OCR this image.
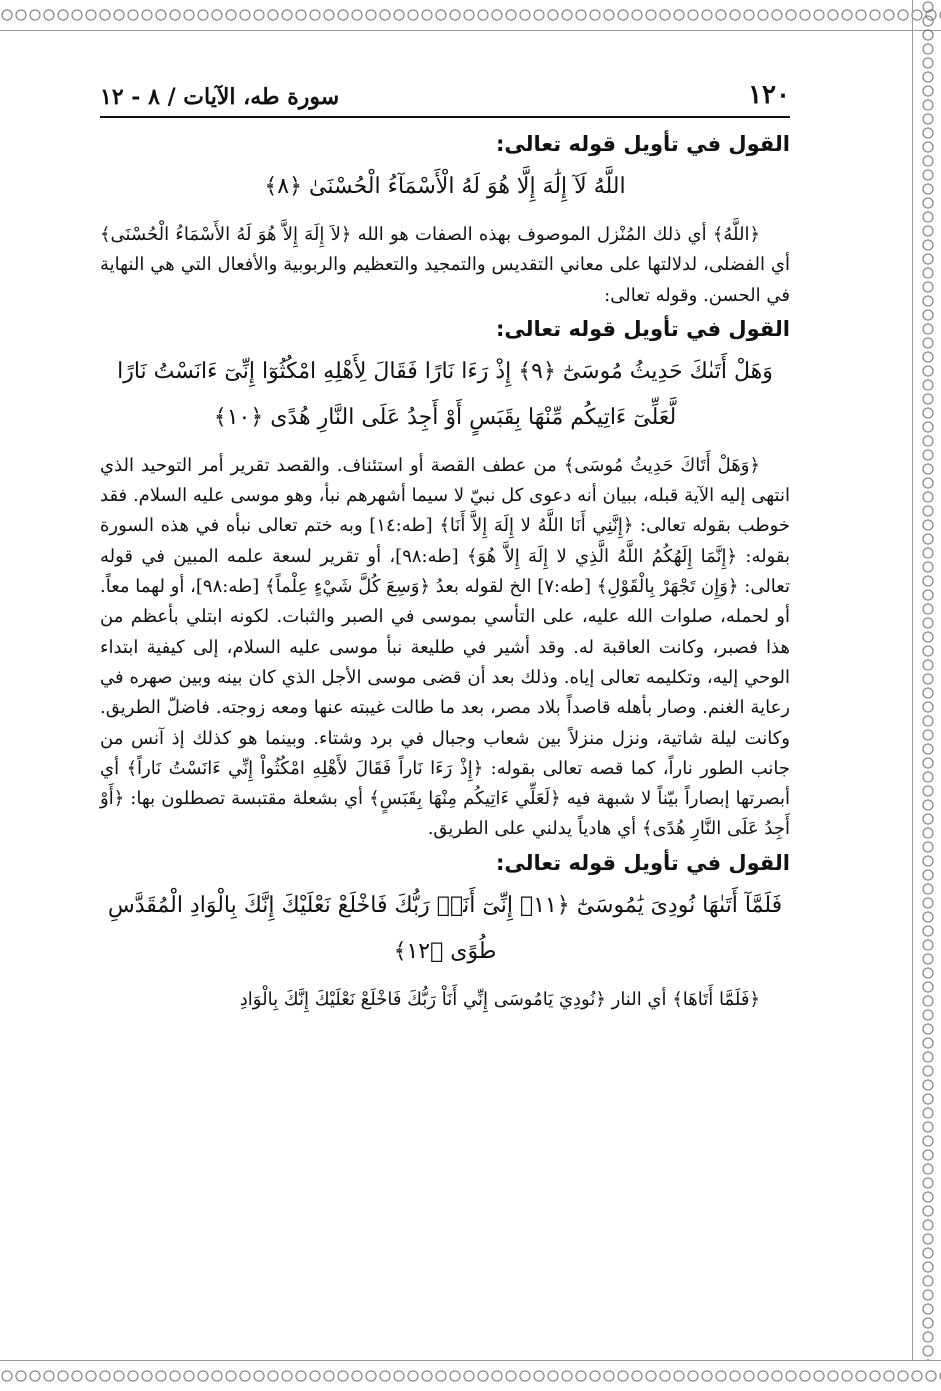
١٢٠
سورة طه، الآيات / ٨ - ١٢
القول في تأويل قوله تعالى:
اللَّهُ لَآ إِلَٰهَ إِلَّا هُوَ لَهُ الْأَسْمَآءُ الْحُسْنَىٰ ﴿٨﴾

﴿اللَّهُ﴾ أي ذلك المُنْزل الموصوف بهذه الصفات هو الله ﴿لاَ إِلَهَ إِلاَّ هُوَ لَهُ الأَسْمَاءُ الْحُسْنَى﴾ أي الفضلى، لدلالتها على معاني التقديس والتمجيد والتعظيم والربوبية والأفعال التي هي النهاية في الحسن. وقوله تعالى:

القول في تأويل قوله تعالى:
وَهَلْ أَتَىٰكَ حَدِيثُ مُوسَىٰٓ ﴿٩﴾ إِذْ رَءَا نَارًا فَقَالَ لِأَهْلِهِ امْكُثُوٓا إِنِّىٓ ءَانَسْتُ نَارًا لَّعَلِّىٓ ءَاتِيكُم مِّنْهَا بِقَبَسٍ أَوْ أَجِدُ عَلَى النَّارِ هُدًى ﴿١٠﴾

﴿وَهَلْ أَتَاكَ حَدِيثُ مُوسَى﴾ من عطف القصة أو استئناف. والقصد تقرير أمر التوحيد الذي انتهى إليه الآية قبله، ببيان أنه دعوى كل نبيّ لا سيما أشهرهم نبأ، وهو موسى عليه السلام. فقد خوطب بقوله تعالى: ﴿إِنَّنِي أَنَا اللَّهُ لا إِلَهَ إِلاَّ أَنَا﴾ [طه:١٤] وبه ختم تعالى نبأه في هذه السورة بقوله: ﴿إِنَّمَا إِلَهُكُمُ اللَّهُ الَّذِي لا إِلَهَ إِلاَّ هُوَ﴾ [طه:٩٨]، أو تقرير لسعة علمه المبين في قوله تعالى: ﴿وَإِن تَجْهَرْ بِالْقَوْلِ﴾ [طه:٧] الخ لقوله بعدُ ﴿وَسِعَ كُلَّ شَيْءٍ عِلْماً﴾ [طه:٩٨]، أو لهما معاً. أو لحمله، صلوات الله عليه، على التأسي بموسى في الصبر والثبات. لكونه ابتلي بأعظم من هذا فصبر، وكانت العاقبة له. وقد أشير في طليعة نبأ موسى عليه السلام، إلى كيفية ابتداء الوحي إليه، وتكليمه تعالى إياه. وذلك بعد أن قضى موسى الأجل الذي كان بينه وبين صهره في رعاية الغنم. وصار بأهله قاصداً بلاد مصر، بعد ما طالت غيبته عنها ومعه زوجته. فاضلّ الطريق. وكانت ليلة شاتية، ونزل منزلاً بين شعاب وجبال في برد وشتاء. وبينما هو كذلك إذ آنس من جانب الطور ناراً، كما قصه تعالى بقوله: ﴿إِذْ رَءَا نَاراً فَقَالَ لأَهْلِهِ امْكُثُواْ إِنِّي ءَانَسْتُ نَاراً﴾ أي أبصرتها إبصاراً بيّناً لا شبهة فيه ﴿لَعَلِّي ءَاتِيكُم مِنْهَا بِقَبَسٍ﴾ أي بشعلة مقتبسة تصطلون بها: ﴿أَوْ أَجِدُ عَلَى النَّارِ هُدًى﴾ أي هادياً يدلني على الطريق.

القول في تأويل قوله تعالى:
فَلَمَّآ أَتَىٰهَا نُودِىَ يَٰمُوسَىٰٓ ﴿١١﴾ إِنِّىٓ أَنَا۠ رَبُّكَ فَاخْلَعْ نَعْلَيْكَ إِنَّكَ بِالْوَادِ الْمُقَدَّسِ طُوًى ﴿١٢﴾

﴿فَلَمَّا أَتَاهَا﴾ أي النار ﴿نُودِيَ يَامُوسَى إِنِّي أَنَاْ رَبُّكَ فَاخْلَعْ نَعْلَيْكَ إِنَّكَ بِالْوَادِ
